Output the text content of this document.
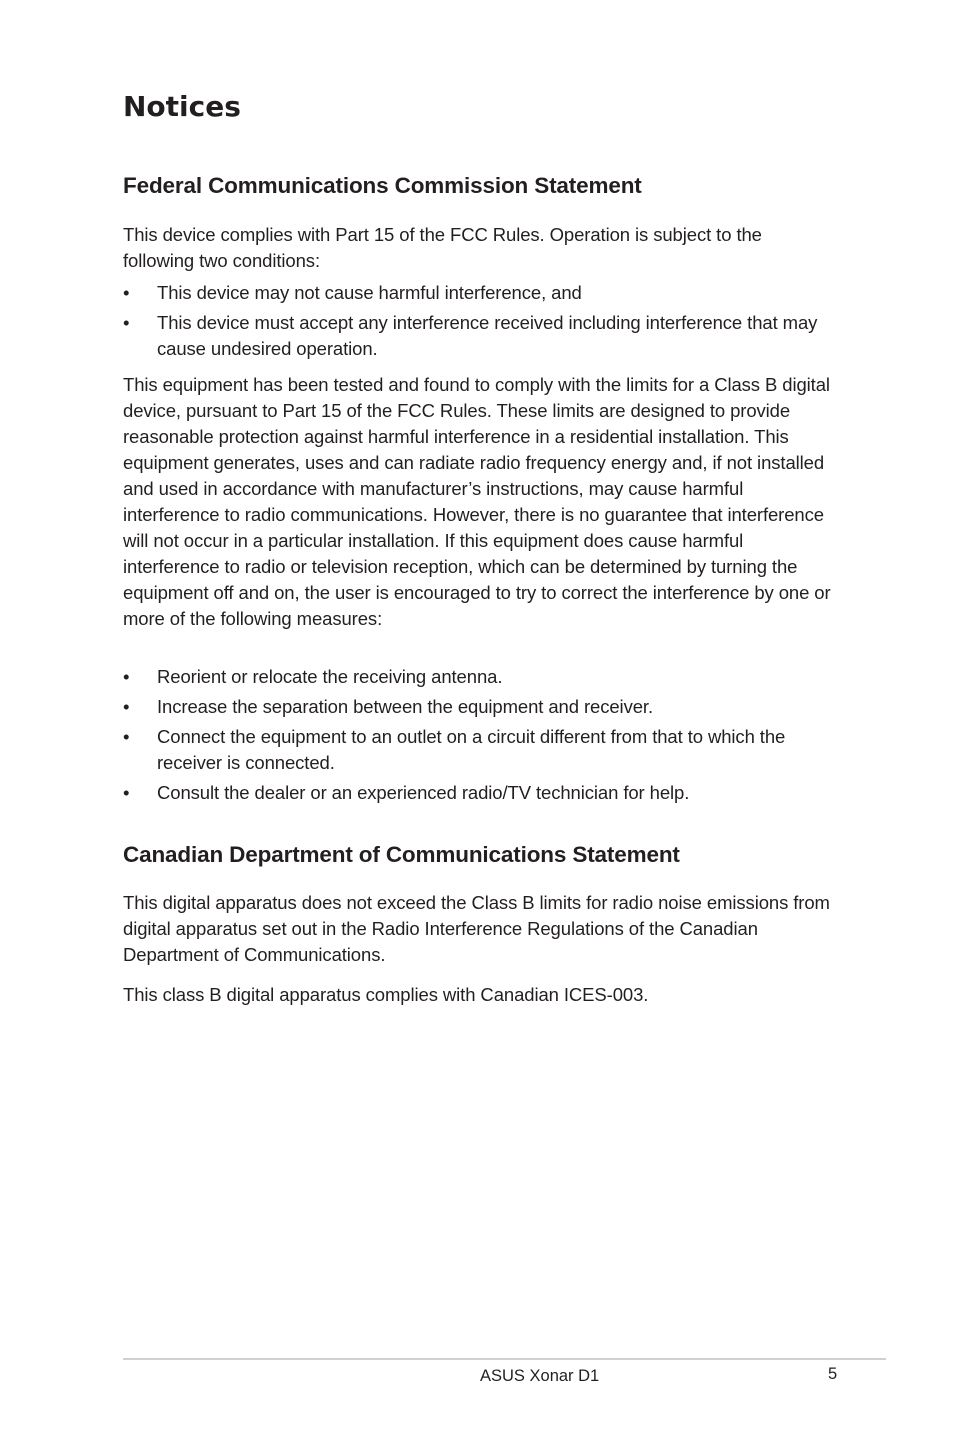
Notices
Federal Communications Commission Statement

This device complies with Part 15 of the FCC Rules. Operation is subject to the following two conditions:

•	This device may not cause harmful interference, and
•	This device must accept any interference received including interference that may cause undesired operation.

This equipment has been tested and found to comply with the limits for a Class B digital device, pursuant to Part 15 of the FCC Rules. These limits are designed to provide reasonable protection against harmful interference in a residential installation. This equipment generates, uses and can radiate radio frequency energy and, if not installed and used in accordance with manufacturer’s instructions, may cause harmful interference to radio communications. However, there is no guarantee that interference will not occur in a particular installation. If this equipment does cause harmful interference to radio or television reception, which can be determined by turning the equipment off and on, the user is encouraged to try to correct the interference by one or more of the following measures:

•	Reorient or relocate the receiving antenna.
•	Increase the separation between the equipment and receiver.
•	Connect the equipment to an outlet on a circuit different from that to which the receiver is connected.
•	Consult the dealer or an experienced radio/TV technician for help.
Canadian Department of Communications Statement

This digital apparatus does not exceed the Class B limits for radio noise emissions from digital apparatus set out in the Radio Interference Regulations of the Canadian Department of Communications.

This class B digital apparatus complies with Canadian ICES-003.

ASUS Xonar D1	5
